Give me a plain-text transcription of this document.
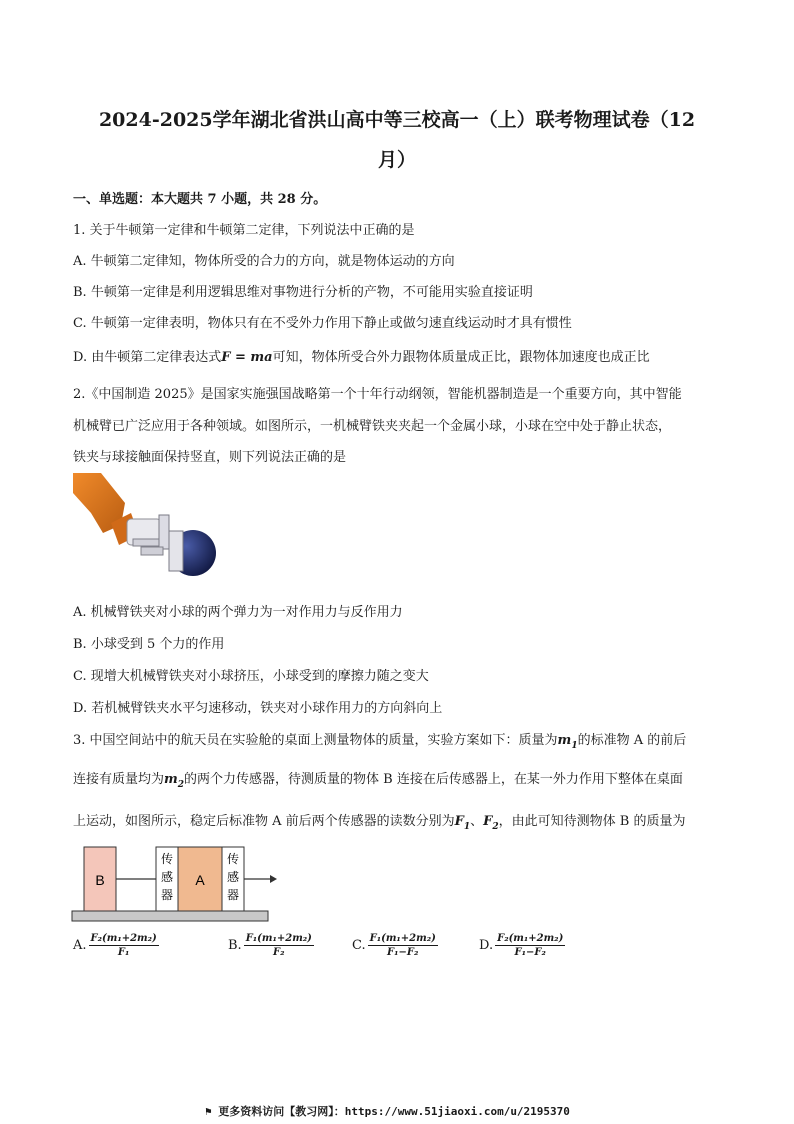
2024-2025学年湖北省洪山高中等三校高一（上）联考物理试卷（12
月）
一、单选题：本大题共 7 小题，共 28 分。
1. 关于牛顿第一定律和牛顿第二定律，下列说法中正确的是
A. 牛顿第二定律知，物体所受的合力的方向，就是物体运动的方向
B. 牛顿第一定律是利用逻辑思维对事物进行分析的产物，不可能用实验直接证明
C. 牛顿第一定律表明，物体只有在不受外力作用下静止或做匀速直线运动时才具有惯性
D. 由牛顿第二定律表达式F = ma可知，物体所受合外力跟物体质量成正比，跟物体加速度也成正比
2.《中国制造 2025》是国家实施强国战略第一个十年行动纲领，智能机器制造是一个重要方向，其中智能
机械臂已广泛应用于各种领域。如图所示，一机械臂铁夹夹起一个金属小球，小球在空中处于静止状态，
铁夹与球接触面保持竖直，则下列说法正确的是
A. 机械臂铁夹对小球的两个弹力为一对作用力与反作用力
B. 小球受到 5 个力的作用
C. 现增大机械臂铁夹对小球挤压，小球受到的摩擦力随之变大
D. 若机械臂铁夹水平匀速移动，铁夹对小球作用力的方向斜向上
3. 中国空间站中的航天员在实验舱的桌面上测量物体的质量，实验方案如下：质量为$m_1$的标准物 A 的前后
连接有质量均为$m_2$的两个力传感器，待测质量的物体 B 连接在后传感器上，在某一外力作用下整体在桌面
上运动，如图所示，稳定后标准物 A 前后两个传感器的读数分别为$F_1$、$F_2$，由此可知待测物体 B 的质量为
B
传
感
器
A
传
感
器
A. $\frac{\text{F₂(m₁+2m₂)}}{\text{F₁}}$	B. $\frac{\text{F₁(m₁+2m₂)}}{\text{F₂}}$	C. $\frac{\text{F₁(m₁+2m₂)}}{\text{F₁−F₂}}$	D. $\frac{\text{F₂(m₁+2m₂)}}{\text{F₁−F₂}}$
⚑ 更多资料访问【教习网】：https://www.51jiaoxi.com/u/2195370
